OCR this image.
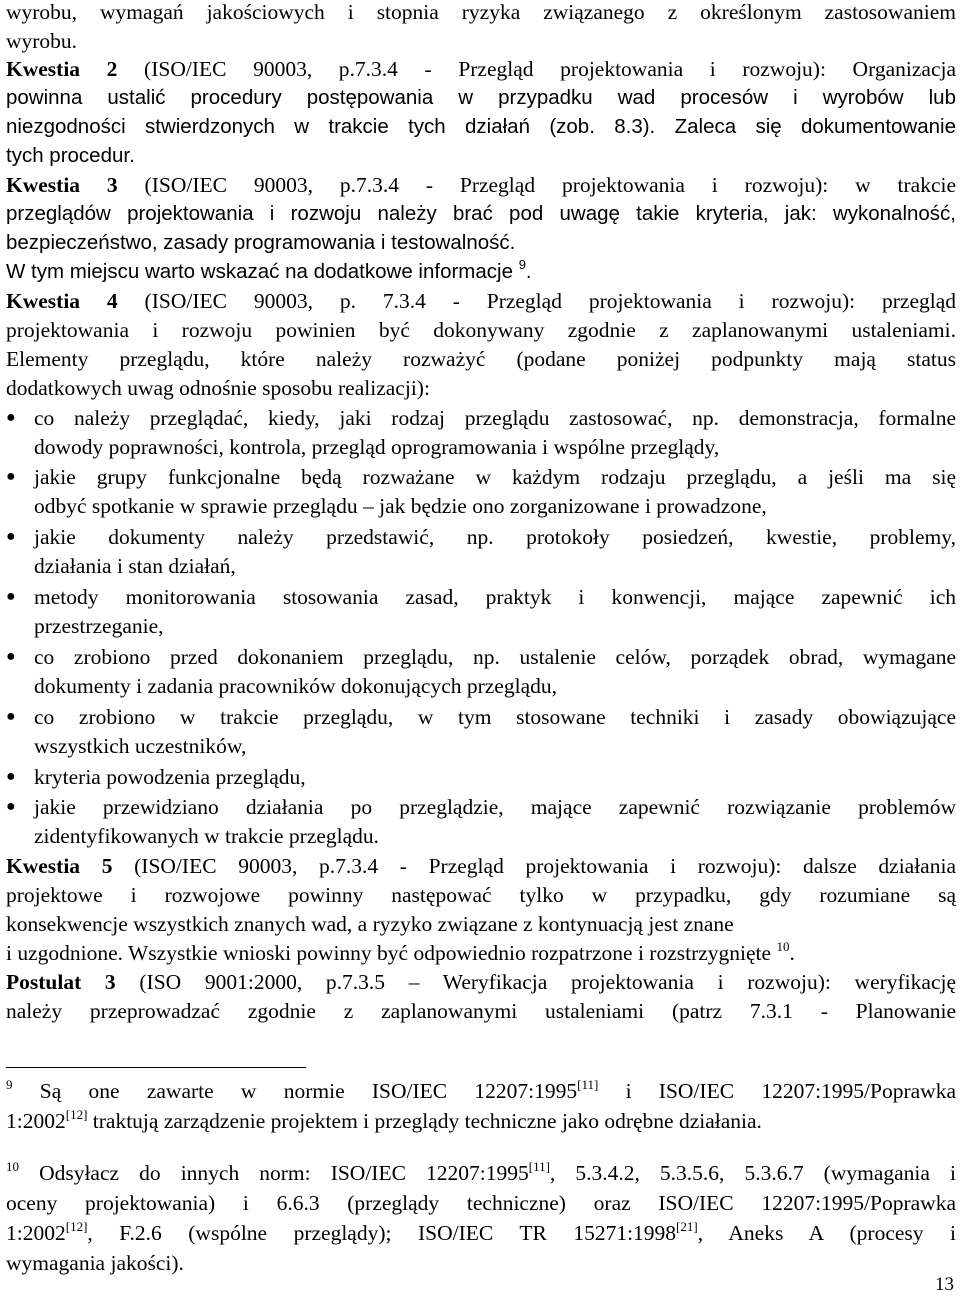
wyrobu, wymagań jakościowych i stopnia ryzyka związanego z określonym zastosowaniem
wyrobu.
Kwestia 2 (ISO/IEC 90003, p.7.3.4 - Przegląd projektowania i rozwoju): Organizacja
powinna ustalić procedury postępowania w przypadku wad procesów i wyrobów lub
niezgodności stwierdzonych w trakcie tych działań (zob. 8.3). Zaleca się dokumentowanie
tych procedur.
Kwestia 3 (ISO/IEC 90003, p.7.3.4 - Przegląd projektowania i rozwoju): w trakcie
przeglądów projektowania i rozwoju należy brać pod uwagę takie kryteria, jak: wykonalność,
bezpieczeństwo, zasady programowania i testowalność.
W tym miejscu warto wskazać na dodatkowe informacje $^9$.
Kwestia 4 (ISO/IEC 90003, p. 7.3.4 - Przegląd projektowania i rozwoju): przegląd
projektowania i rozwoju powinien być dokonywany zgodnie z zaplanowanymi ustaleniami.
Elementy przeglądu, które należy rozważyć (podane poniżej podpunkty mają status
dodatkowych uwag odnośnie sposobu realizacji):
● co należy przeglądać, kiedy, jaki rodzaj przeglądu zastosować, np. demonstracja, formalne
dowody poprawności, kontrola, przegląd oprogramowania i wspólne przeglądy,
● jakie grupy funkcjonalne będą rozważane w każdym rodzaju przeglądu, a jeśli ma się
odbyć spotkanie w sprawie przeglądu – jak będzie ono zorganizowane i prowadzone,
● jakie dokumenty należy przedstawić, np. protokoły posiedzeń, kwestie, problemy,
działania i stan działań,
● metody monitorowania stosowania zasad, praktyk i konwencji, mające zapewnić ich
przestrzeganie,
● co zrobiono przed dokonaniem przeglądu, np. ustalenie celów, porządek obrad, wymagane
dokumenty i zadania pracowników dokonujących przeglądu,
● co zrobiono w trakcie przeglądu, w tym stosowane techniki i zasady obowiązujące
wszystkich uczestników,
● kryteria powodzenia przeglądu,
● jakie przewidziano działania po przeglądzie, mające zapewnić rozwiązanie problemów
zidentyfikowanych w trakcie przeglądu.
Kwestia 5 (ISO/IEC 90003, p.7.3.4 - Przegląd projektowania i rozwoju): dalsze działania
projektowe i rozwojowe powinny następować tylko w przypadku, gdy rozumiane są
konsekwencje wszystkich znanych wad, a ryzyko związane z kontynuacją jest znane
i uzgodnione. Wszystkie wnioski powinny być odpowiednio rozpatrzone i rozstrzygnięte $^{10}$.
Postulat 3 (ISO 9001:2000, p.7.3.5 – Weryfikacja projektowania i rozwoju): weryfikację
należy przeprowadzać zgodnie z zaplanowanymi ustaleniami (patrz 7.3.1 - Planowanie
$^9$ Są one zawarte w normie ISO/IEC 12207:1995[11] i ISO/IEC 12207:1995/Poprawka
1:2002[12] traktują zarządzenie projektem i przeglądy techniczne jako odrębne działania.
$^{10}$ Odsyłacz do innych norm: ISO/IEC 12207:1995[11], 5.3.4.2, 5.3.5.6, 5.3.6.7 (wymagania i
oceny projektowania) i 6.6.3 (przeglądy techniczne) oraz ISO/IEC 12207:1995/Poprawka
1:2002[12], F.2.6 (wspólne przeglądy); ISO/IEC TR 15271:1998[21], Aneks A (procesy i
wymagania jakości).
13
